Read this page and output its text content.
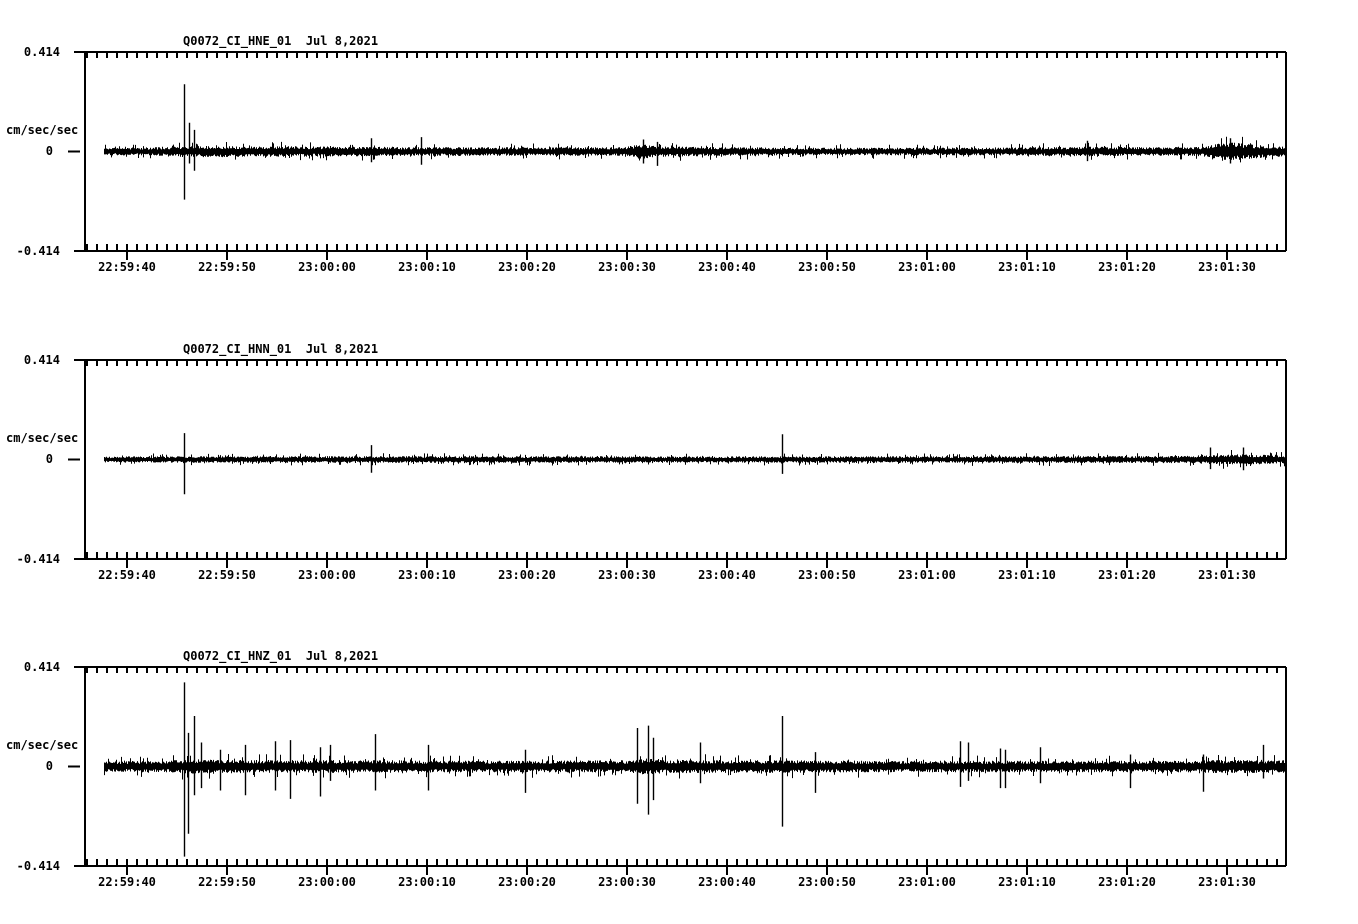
Q0072_CI_HNE_01  Jul 8,2021
Q0072_CI_HNN_01  Jul 8,2021
Q0072_CI_HNZ_01  Jul 8,2021
0.414
0
-0.414
cm/sec/sec
0.414
0
-0.414
cm/sec/sec
0.414
0
-0.414
cm/sec/sec
22:59:40	22:59:50	23:00:00	23:00:10	23:00:20	23:00:30	23:00:40	23:00:50	23:01:00	23:01:10	23:01:20	23:01:30
22:59:40	22:59:50	23:00:00	23:00:10	23:00:20	23:00:30	23:00:40	23:00:50	23:01:00	23:01:10	23:01:20	23:01:30
22:59:40	22:59:50	23:00:00	23:00:10	23:00:20	23:00:30	23:00:40	23:00:50	23:01:00	23:01:10	23:01:20	23:01:30
